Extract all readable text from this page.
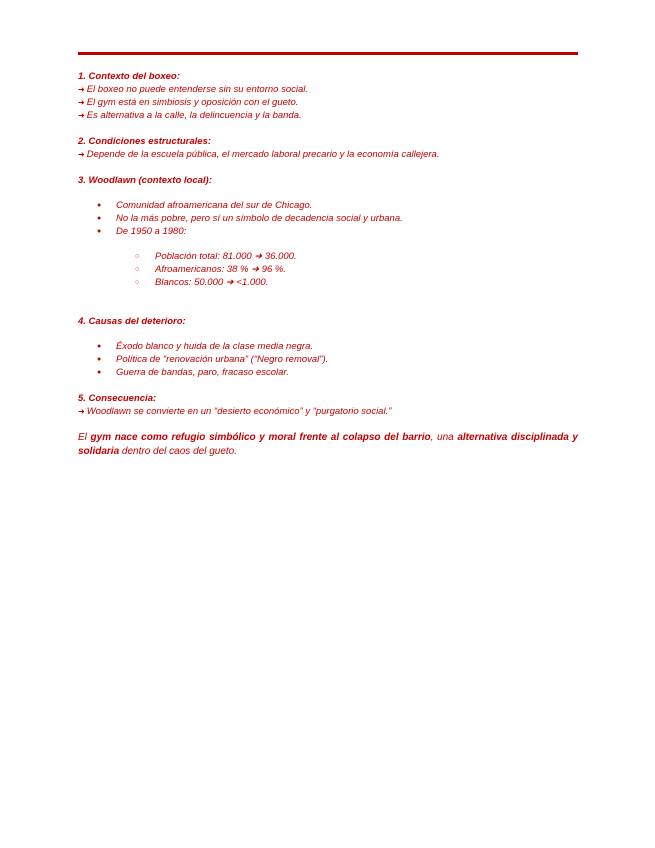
1. Contexto del boxeo:

➜ El boxeo no puede entenderse sin su entorno social.

➜ El gym está en simbiosis y oposición con el gueto.

➜ Es alternativa a la calle, la delincuencia y la banda.

2. Condiciones estructurales:

➜ Depende de la escuela pública, el mercado laboral precario y la economía callejera.

3. Woodlawn (contexto local):

● Comunidad afroamericana del sur de Chicago.
● No la más pobre, pero sí un símbolo de decadencia social y urbana.
● De 1950 a 1980:
○ Población total: 81.000 ➜ 36.000.
○ Afroamericanos: 38 % ➜ 96 %.
○ Blancos: 50.000 ➜ <1.000.

4. Causas del deterioro:

● Éxodo blanco y huida de la clase media negra.
● Política de “renovación urbana” (“Negro removal”).
● Guerra de bandas, paro, fracaso escolar.

5. Consecuencia:

➜ Woodlawn se convierte en un “desierto económico” y “purgatorio social.”

El gym nace como refugio simbólico y moral frente al colapso del barrio, una alternativa disciplinada y solidaria dentro del caos del gueto.
